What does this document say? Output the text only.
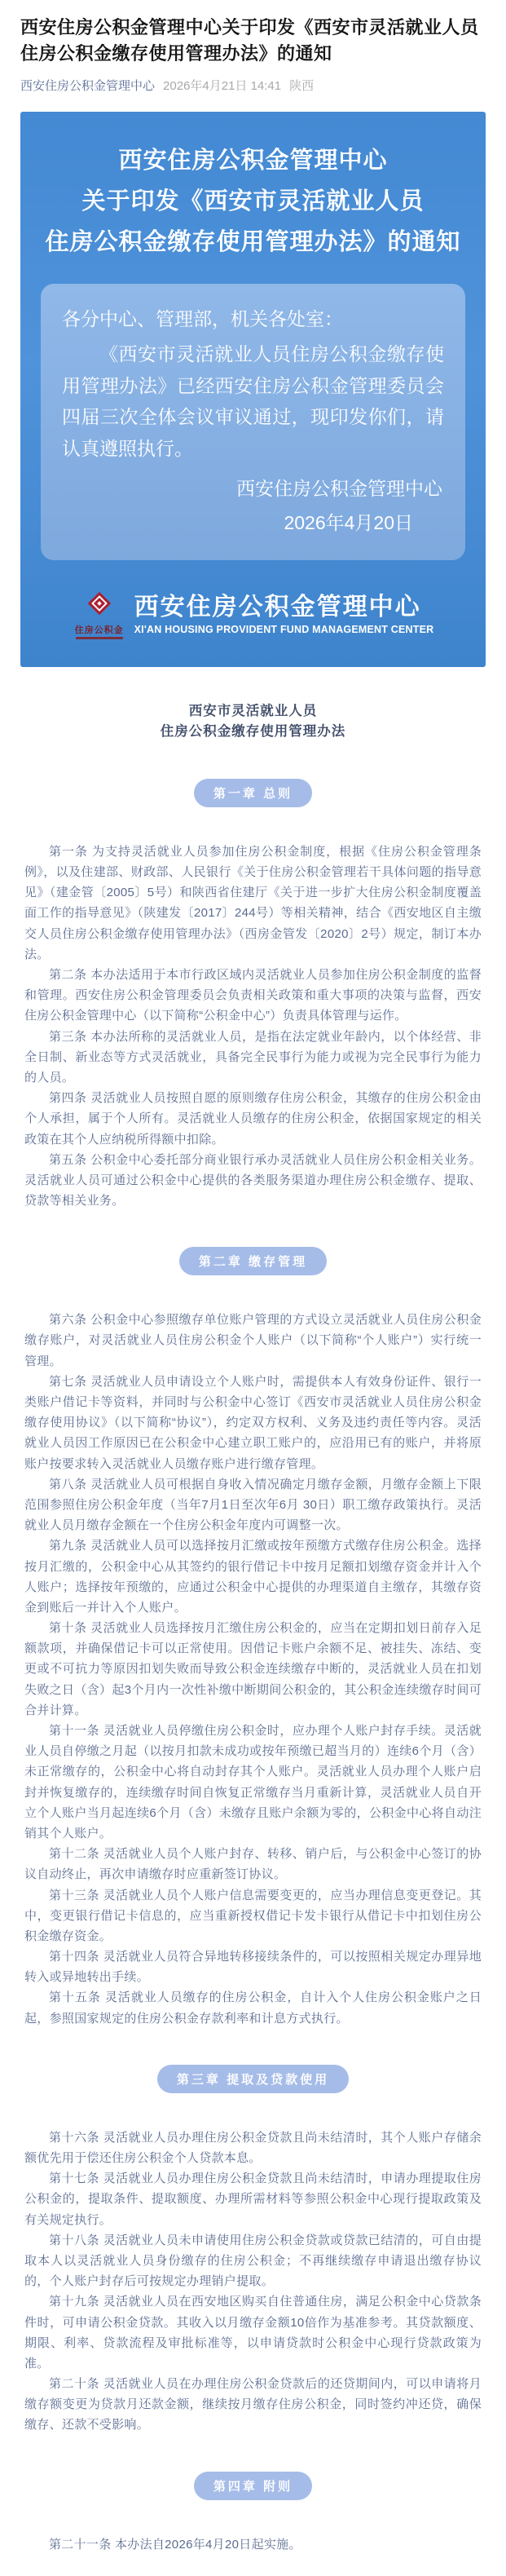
西安住房公积金管理中心关于印发《西安市灵活就业人员住房公积金缴存使用管理办法》的通知
西安住房公积金管理中心 2026年4月21日 14:41 陕西
西安住房公积金管理中心
关于印发《西安市灵活就业人员
住房公积金缴存使用管理办法》的通知
各分中心、管理部，机关各处室：
《西安市灵活就业人员住房公积金缴存使用管理办法》已经西安住房公积金管理委员会四届三次全体会议审议通过，现印发你们，请认真遵照执行。
西安住房公积金管理中心
2026年4月20日
住房公积金
西安住房公积金管理中心
XI'AN HOUSING PROVIDENT FUND MANAGEMENT CENTER
西安市灵活就业人员
住房公积金缴存使用管理办法
第一章 总则

第一条 为支持灵活就业人员参加住房公积金制度，根据《住房公积金管理条例》，以及住建部、财政部、人民银行《关于住房公积金管理若干具体问题的指导意见》（建金管〔2005〕5号）和陕西省住建厅《关于进一步扩大住房公积金制度覆盖面工作的指导意见》（陕建发〔2017〕244号）等相关精神，结合《西安地区自主缴交人员住房公积金缴存使用管理办法》（西房金管发〔2020〕2号）规定，制订本办法。

第二条 本办法适用于本市行政区域内灵活就业人员参加住房公积金制度的监督和管理。西安住房公积金管理委员会负责相关政策和重大事项的决策与监督，西安住房公积金管理中心（以下简称“公积金中心”）负责具体管理与运作。

第三条 本办法所称的灵活就业人员，是指在法定就业年龄内，以个体经营、非全日制、新业态等方式灵活就业，具备完全民事行为能力或视为完全民事行为能力的人员。

第四条 灵活就业人员按照自愿的原则缴存住房公积金，其缴存的住房公积金由个人承担，属于个人所有。灵活就业人员缴存的住房公积金，依据国家规定的相关政策在其个人应纳税所得额中扣除。

第五条 公积金中心委托部分商业银行承办灵活就业人员住房公积金相关业务。灵活就业人员可通过公积金中心提供的各类服务渠道办理住房公积金缴存、提取、贷款等相关业务。

第二章 缴存管理

第六条 公积金中心参照缴存单位账户管理的方式设立灵活就业人员住房公积金缴存账户，对灵活就业人员住房公积金个人账户（以下简称“个人账户”）实行统一管理。

第七条 灵活就业人员申请设立个人账户时，需提供本人有效身份证件、银行一类账户借记卡等资料，并同时与公积金中心签订《西安市灵活就业人员住房公积金缴存使用协议》（以下简称“协议”），约定双方权利、义务及违约责任等内容。灵活就业人员因工作原因已在公积金中心建立职工账户的，应沿用已有的账户，并将原账户按要求转入灵活就业人员缴存账户进行缴存管理。

第八条 灵活就业人员可根据自身收入情况确定月缴存金额，月缴存金额上下限范围参照住房公积金年度（当年7月1日至次年6月 30日）职工缴存政策执行。灵活就业人员月缴存金额在一个住房公积金年度内可调整一次。

第九条 灵活就业人员可以选择按月汇缴或按年预缴方式缴存住房公积金。选择按月汇缴的，公积金中心从其签约的银行借记卡中按月足额扣划缴存资金并计入个人账户；选择按年预缴的，应通过公积金中心提供的办理渠道自主缴存，其缴存资金到账后一并计入个人账户。

第十条 灵活就业人员选择按月汇缴住房公积金的，应当在定期扣划日前存入足额款项，并确保借记卡可以正常使用。因借记卡账户余额不足、被挂失、冻结、变更或不可抗力等原因扣划失败而导致公积金连续缴存中断的，灵活就业人员在扣划失败之日（含）起3个月内一次性补缴中断期间公积金的，其公积金连续缴存时间可合并计算。

第十一条 灵活就业人员停缴住房公积金时，应办理个人账户封存手续。灵活就业人员自停缴之月起（以按月扣款未成功或按年预缴已超当月的）连续6个月（含）未正常缴存的，公积金中心将自动封存其个人账户。灵活就业人员办理个人账户启封并恢复缴存的，连续缴存时间自恢复正常缴存当月重新计算，灵活就业人员自开立个人账户当月起连续6个月（含）未缴存且账户余额为零的，公积金中心将自动注销其个人账户。

第十二条 灵活就业人员个人账户封存、转移、销户后，与公积金中心签订的协议自动终止，再次申请缴存时应重新签订协议。

第十三条 灵活就业人员个人账户信息需要变更的，应当办理信息变更登记。其中，变更银行借记卡信息的，应当重新授权借记卡发卡银行从借记卡中扣划住房公积金缴存资金。

第十四条 灵活就业人员符合异地转移接续条件的，可以按照相关规定办理异地转入或异地转出手续。

第十五条 灵活就业人员缴存的住房公积金，自计入个人住房公积金账户之日起，参照国家规定的住房公积金存款利率和计息方式执行。

第三章 提取及贷款使用

第十六条 灵活就业人员办理住房公积金贷款且尚未结清时，其个人账户存储余额优先用于偿还住房公积金个人贷款本息。

第十七条 灵活就业人员办理住房公积金贷款且尚未结清时，申请办理提取住房公积金的，提取条件、提取额度、办理所需材料等参照公积金中心现行提取政策及有关规定执行。

第十八条 灵活就业人员未申请使用住房公积金贷款或贷款已结清的，可自由提取本人以灵活就业人员身份缴存的住房公积金；不再继续缴存申请退出缴存协议的，个人账户封存后可按规定办理销户提取。

第十九条 灵活就业人员在西安地区购买自住普通住房，满足公积金中心贷款条件时，可申请公积金贷款。其收入以月缴存金额10倍作为基准参考。其贷款额度、期限、利率、贷款流程及审批标准等，以申请贷款时公积金中心现行贷款政策为准。

第二十条 灵活就业人员在办理住房公积金贷款后的还贷期间内，可以申请将月缴存额变更为贷款月还款金额，继续按月缴存住房公积金，同时签约冲还贷，确保缴存、还款不受影响。

第四章 附则

第二十一条 本办法自2026年4月20日起实施。
